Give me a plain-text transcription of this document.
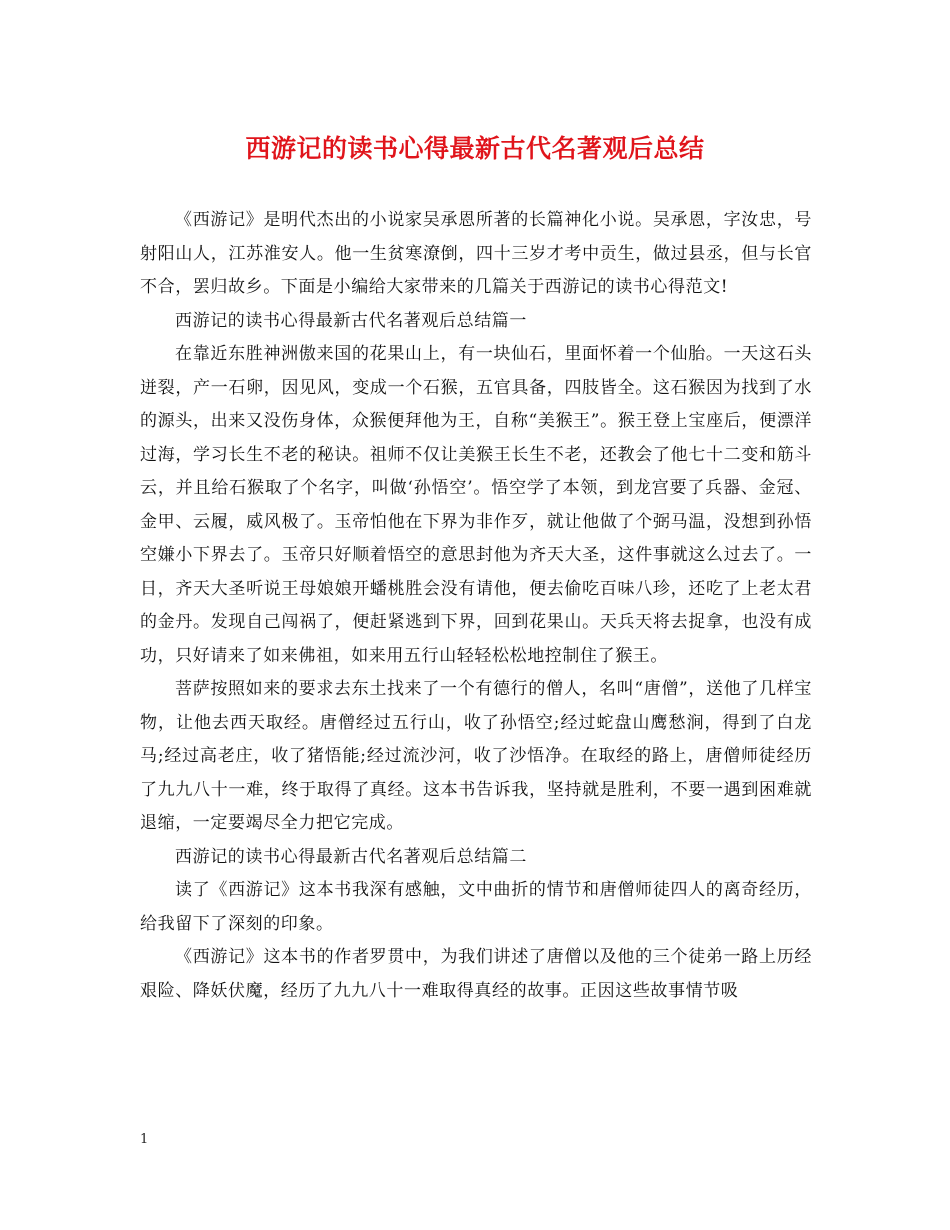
西游记的读书心得最新古代名著观后总结

《西游记》是明代杰出的小说家吴承恩所著的长篇神化小说。吴承恩，字汝忠，号射阳山人，江苏淮安人。他一生贫寒潦倒，四十三岁才考中贡生，做过县丞，但与长官不合，罢归故乡。下面是小编给大家带来的几篇关于西游记的读书心得范文!

西游记的读书心得最新古代名著观后总结篇一

在靠近东胜神洲傲来国的花果山上，有一块仙石，里面怀着一个仙胎。一天这石头迸裂，产一石卵，因见风，变成一个石猴，五官具备，四肢皆全。这石猴因为找到了水的源头，出来又没伤身体，众猴便拜他为王，自称“美猴王”。猴王登上宝座后，便漂洋过海，学习长生不老的秘诀。祖师不仅让美猴王长生不老，还教会了他七十二变和筋斗云，并且给石猴取了个名字，叫做‘孙悟空’。悟空学了本领，到龙宫要了兵器、金冠、金甲、云履，威风极了。玉帝怕他在下界为非作歹，就让他做了个弼马温，没想到孙悟空嫌小下界去了。玉帝只好顺着悟空的意思封他为齐天大圣，这件事就这么过去了。一日，齐天大圣听说王母娘娘开蟠桃胜会没有请他，便去偷吃百味八珍，还吃了上老太君的金丹。发现自己闯祸了，便赶紧逃到下界，回到花果山。天兵天将去捉拿，也没有成功，只好请来了如来佛祖，如来用五行山轻轻松松地控制住了猴王。

菩萨按照如来的要求去东土找来了一个有德行的僧人，名叫“唐僧”，送他了几样宝物，让他去西天取经。唐僧经过五行山，收了孙悟空;经过蛇盘山鹰愁涧，得到了白龙马;经过高老庄，收了猪悟能;经过流沙河，收了沙悟净。在取经的路上，唐僧师徒经历了九九八十一难，终于取得了真经。这本书告诉我，坚持就是胜利，不要一遇到困难就退缩，一定要竭尽全力把它完成。

西游记的读书心得最新古代名著观后总结篇二

读了《西游记》这本书我深有感触，文中曲折的情节和唐僧师徒四人的离奇经历，给我留下了深刻的印象。

《西游记》这本书的作者罗贯中，为我们讲述了唐僧以及他的三个徒弟一路上历经艰险、降妖伏魔，经历了九九八十一难取得真经的故事。正因这些故事情节吸

1
